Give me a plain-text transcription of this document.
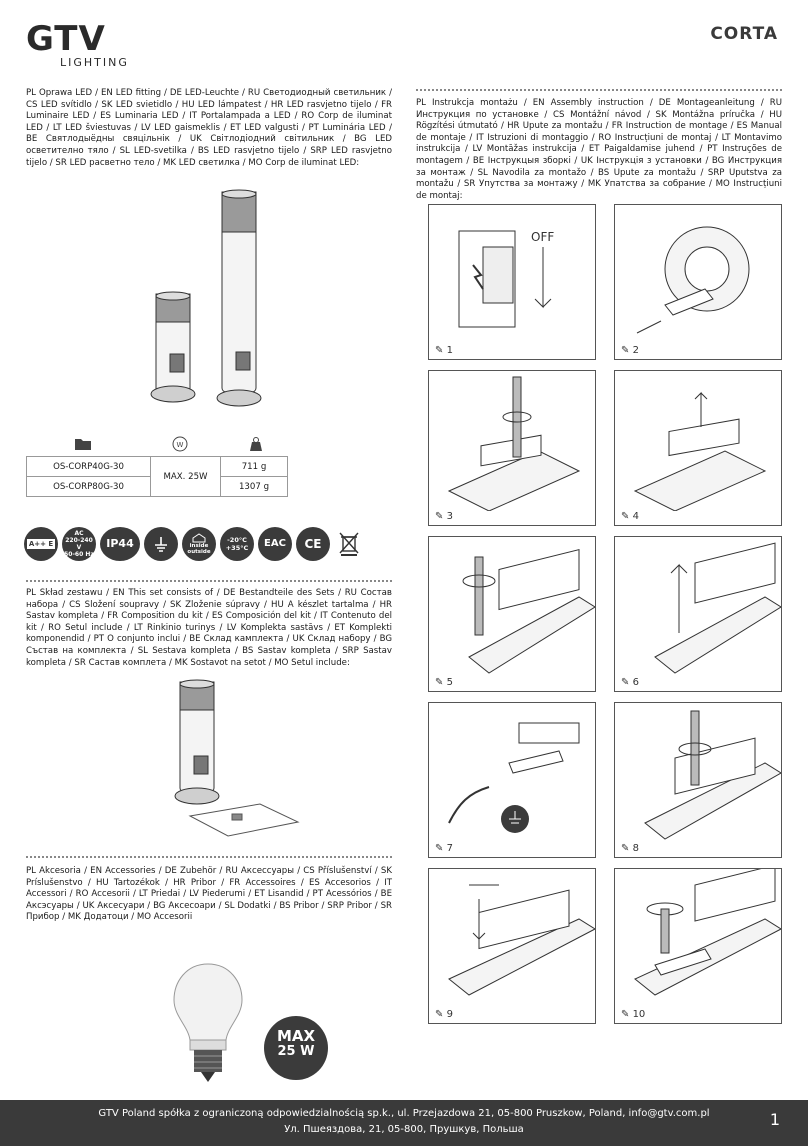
GTV
LIGHTING
CORTA
PL Oprawa LED / EN LED fitting / DE LED-Leuchte / RU Светодиодный светильник / CS LED svítidlo / SK LED svietidlo / HU LED lámpatest / HR LED rasvjetno tijelo / FR Luminaire LED / ES Luminaria LED / IT Portalampada a LED / RO Corp de iluminat LED / LT LED šviestuvas / LV LED gaismeklis / ET LED valgusti / PT Luminária LED / BE Святлодыёдны свяцільнік / UK Світлодіодний світильник / BG LED осветително тяло / SL LED-svetilka / BS LED rasvjetno tijelo / SRP LED rasvjetno tijelo / SR LED расветно тело / MK LED светилка / MO Corp de iluminat LED:
W
OS-CORP40G-30	MAX. 25W	711 g
OS-CORP80G-30		1307 g
A++ E
AC
220-240 V
50-60 Hz
IP44	inside
outside
-20°C
+35°C EAC CE
PL Skład zestawu / EN This set consists of / DE Bestandteile des Sets / RU Состав набора / CS Složení soupravy / SK Zloženie súpravy / HU A készlet tartalma / HR Sastav kompleta / FR Composition du kit / ES Composición del kit / IT Contenuto del kit / RO Setul include / LT Rinkinio turinys / LV Komplekta sastāvs / ET Komplekti komponendid / PT O conjunto inclui / BE Склад камплекта / UK Склад набору / BG Състав на комплекта / SL Sestava kompleta / BS Sastav kompleta / SRP Sastav kompleta / SR Састав комплета / MK Sostavot na setot / MO Setul include:
PL Akcesoria / EN Accessories / DE Zubehör / RU Аксессуары / CS Příslušenství / SK Príslušenstvo / HU Tartozékok / HR Pribor / FR Accessoires / ES Accesorios / IT Accessori / RO Accesorii / LT Priedai / LV Piederumi / ET Lisandid / PT Acessórios / BE Аксэсуары / UK Аксесуари / BG Аксесоари / SL Dodatki / BS Pribor / SRP Pribor / SR Прибор / MK Додатоци / MO Accesorii
MAX
25 W
PL Instrukcja montażu / EN Assembly instruction / DE Montageanleitung / RU Инструкция по установке / CS Montážní návod / SK Montážna príručka / HU Rögzítési útmutató / HR Upute za montažu / FR Instruction de montage / ES Manual de montaje / IT Istruzioni di montaggio / RO Instrucțiuni de montaj / LT Montavimo instrukcija / LV Montāžas instrukcija / ET Paigaldamise juhend / PT Instruções de montagem / BE Інструкцыя зборкі / UK Інструкція з установки / BG Инструкция за монтаж / SL Navodila za montažo / BS Upute za montažu / SRP Uputstva za montažu / SR Упутства за монтажу / MK Упатства за собрание / MO Instrucțiuni de montaj:
OFF
✎ 1	✎ 2
✎ 3	✎ 4
✎ 5	✎ 6
✎ 7	✎ 8
✎ 9	✎ 10
GTV Poland spółka z ograniczoną odpowiedzialnością sp.k., ul. Przejazdowa 21, 05-800 Pruszkow, Poland, info@gtv.com.pl
Ул. Пшеяздова, 21, 05-800, Прушкув, Польша
1
